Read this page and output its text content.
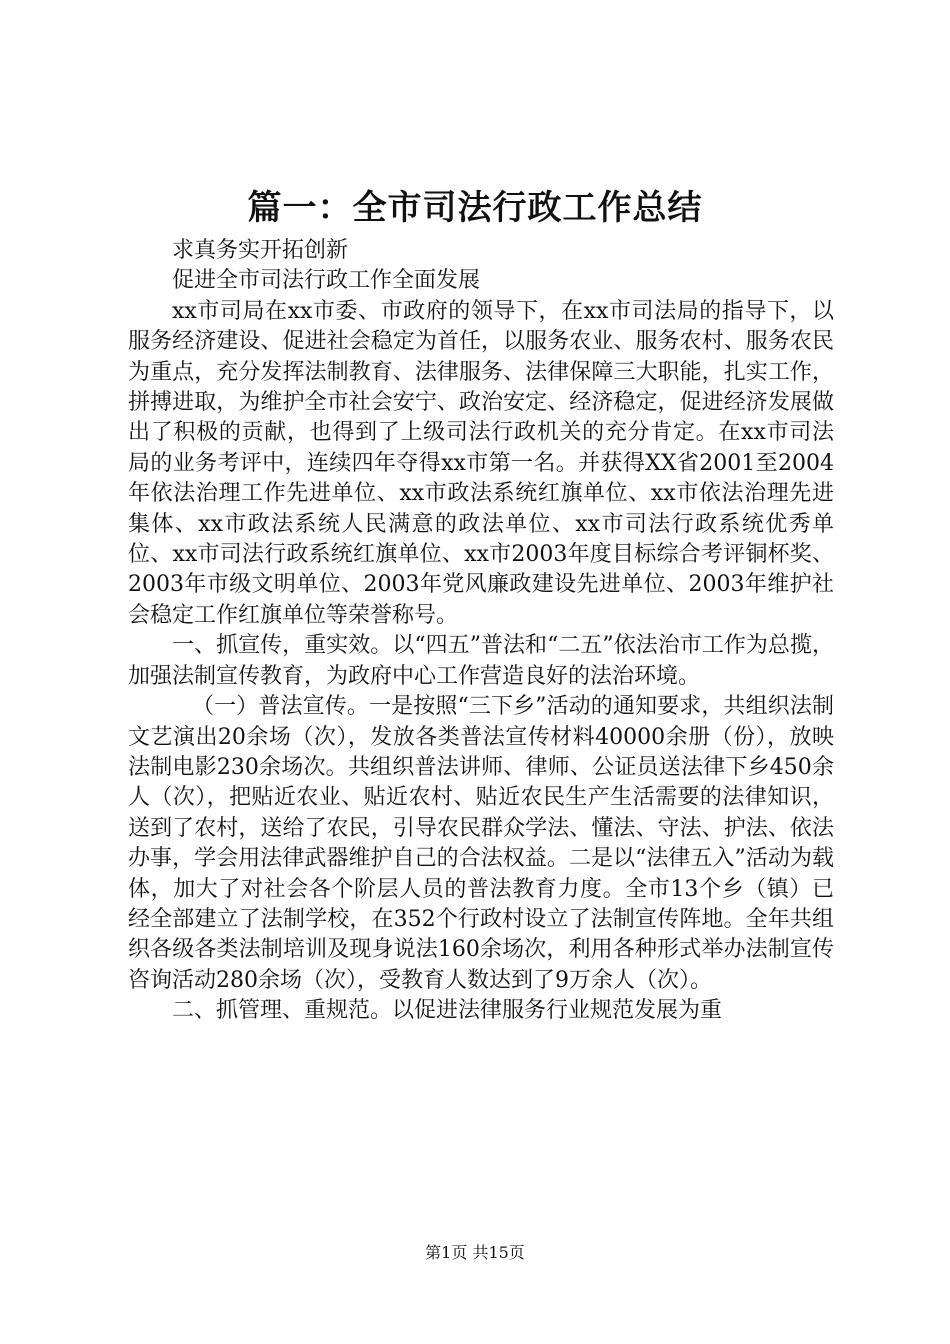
篇一：全市司法行政工作总结

求真务实开拓创新

促进全市司法行政工作全面发展

xx市司局在xx市委、市政府的领导下，在xx市司法局的指导下，以服务经济建设、促进社会稳定为首任，以服务农业、服务农村、服务农民为重点，充分发挥法制教育、法律服务、法律保障三大职能，扎实工作，拼搏进取，为维护全市社会安宁、政治安定、经济稳定，促进经济发展做出了积极的贡献，也得到了上级司法行政机关的充分肯定。在xx市司法局的业务考评中，连续四年夺得xx市第一名。并获得XX省2001至2004年依法治理工作先进单位、xx市政法系统红旗单位、xx市依法治理先进集体、xx市政法系统人民满意的政法单位、xx市司法行政系统优秀单位、xx市司法行政系统红旗单位、xx市2003年度目标综合考评铜杯奖、2003年市级文明单位、2003年党风廉政建设先进单位、2003年维护社会稳定工作红旗单位等荣誉称号。

一、抓宣传，重实效。以“四五”普法和“二五”依法治市工作为总揽，加强法制宣传教育，为政府中心工作营造良好的法治环境。

（一）普法宣传。一是按照“三下乡”活动的通知要求，共组织法制文艺演出20余场（次），发放各类普法宣传材料40000余册（份），放映法制电影230余场次。共组织普法讲师、律师、公证员送法律下乡450余人（次），把贴近农业、贴近农村、贴近农民生产生活需要的法律知识，送到了农村，送给了农民，引导农民群众学法、懂法、守法、护法、依法办事，学会用法律武器维护自己的合法权益。二是以“法律五入”活动为载体，加大了对社会各个阶层人员的普法教育力度。全市13个乡（镇）已经全部建立了法制学校，在352个行政村设立了法制宣传阵地。全年共组织各级各类法制培训及现身说法160余场次，利用各种形式举办法制宣传咨询活动280余场（次），受教育人数达到了9万余人（次）。

二、抓管理、重规范。以促进法律服务行业规范发展为重

第1页 共15页
